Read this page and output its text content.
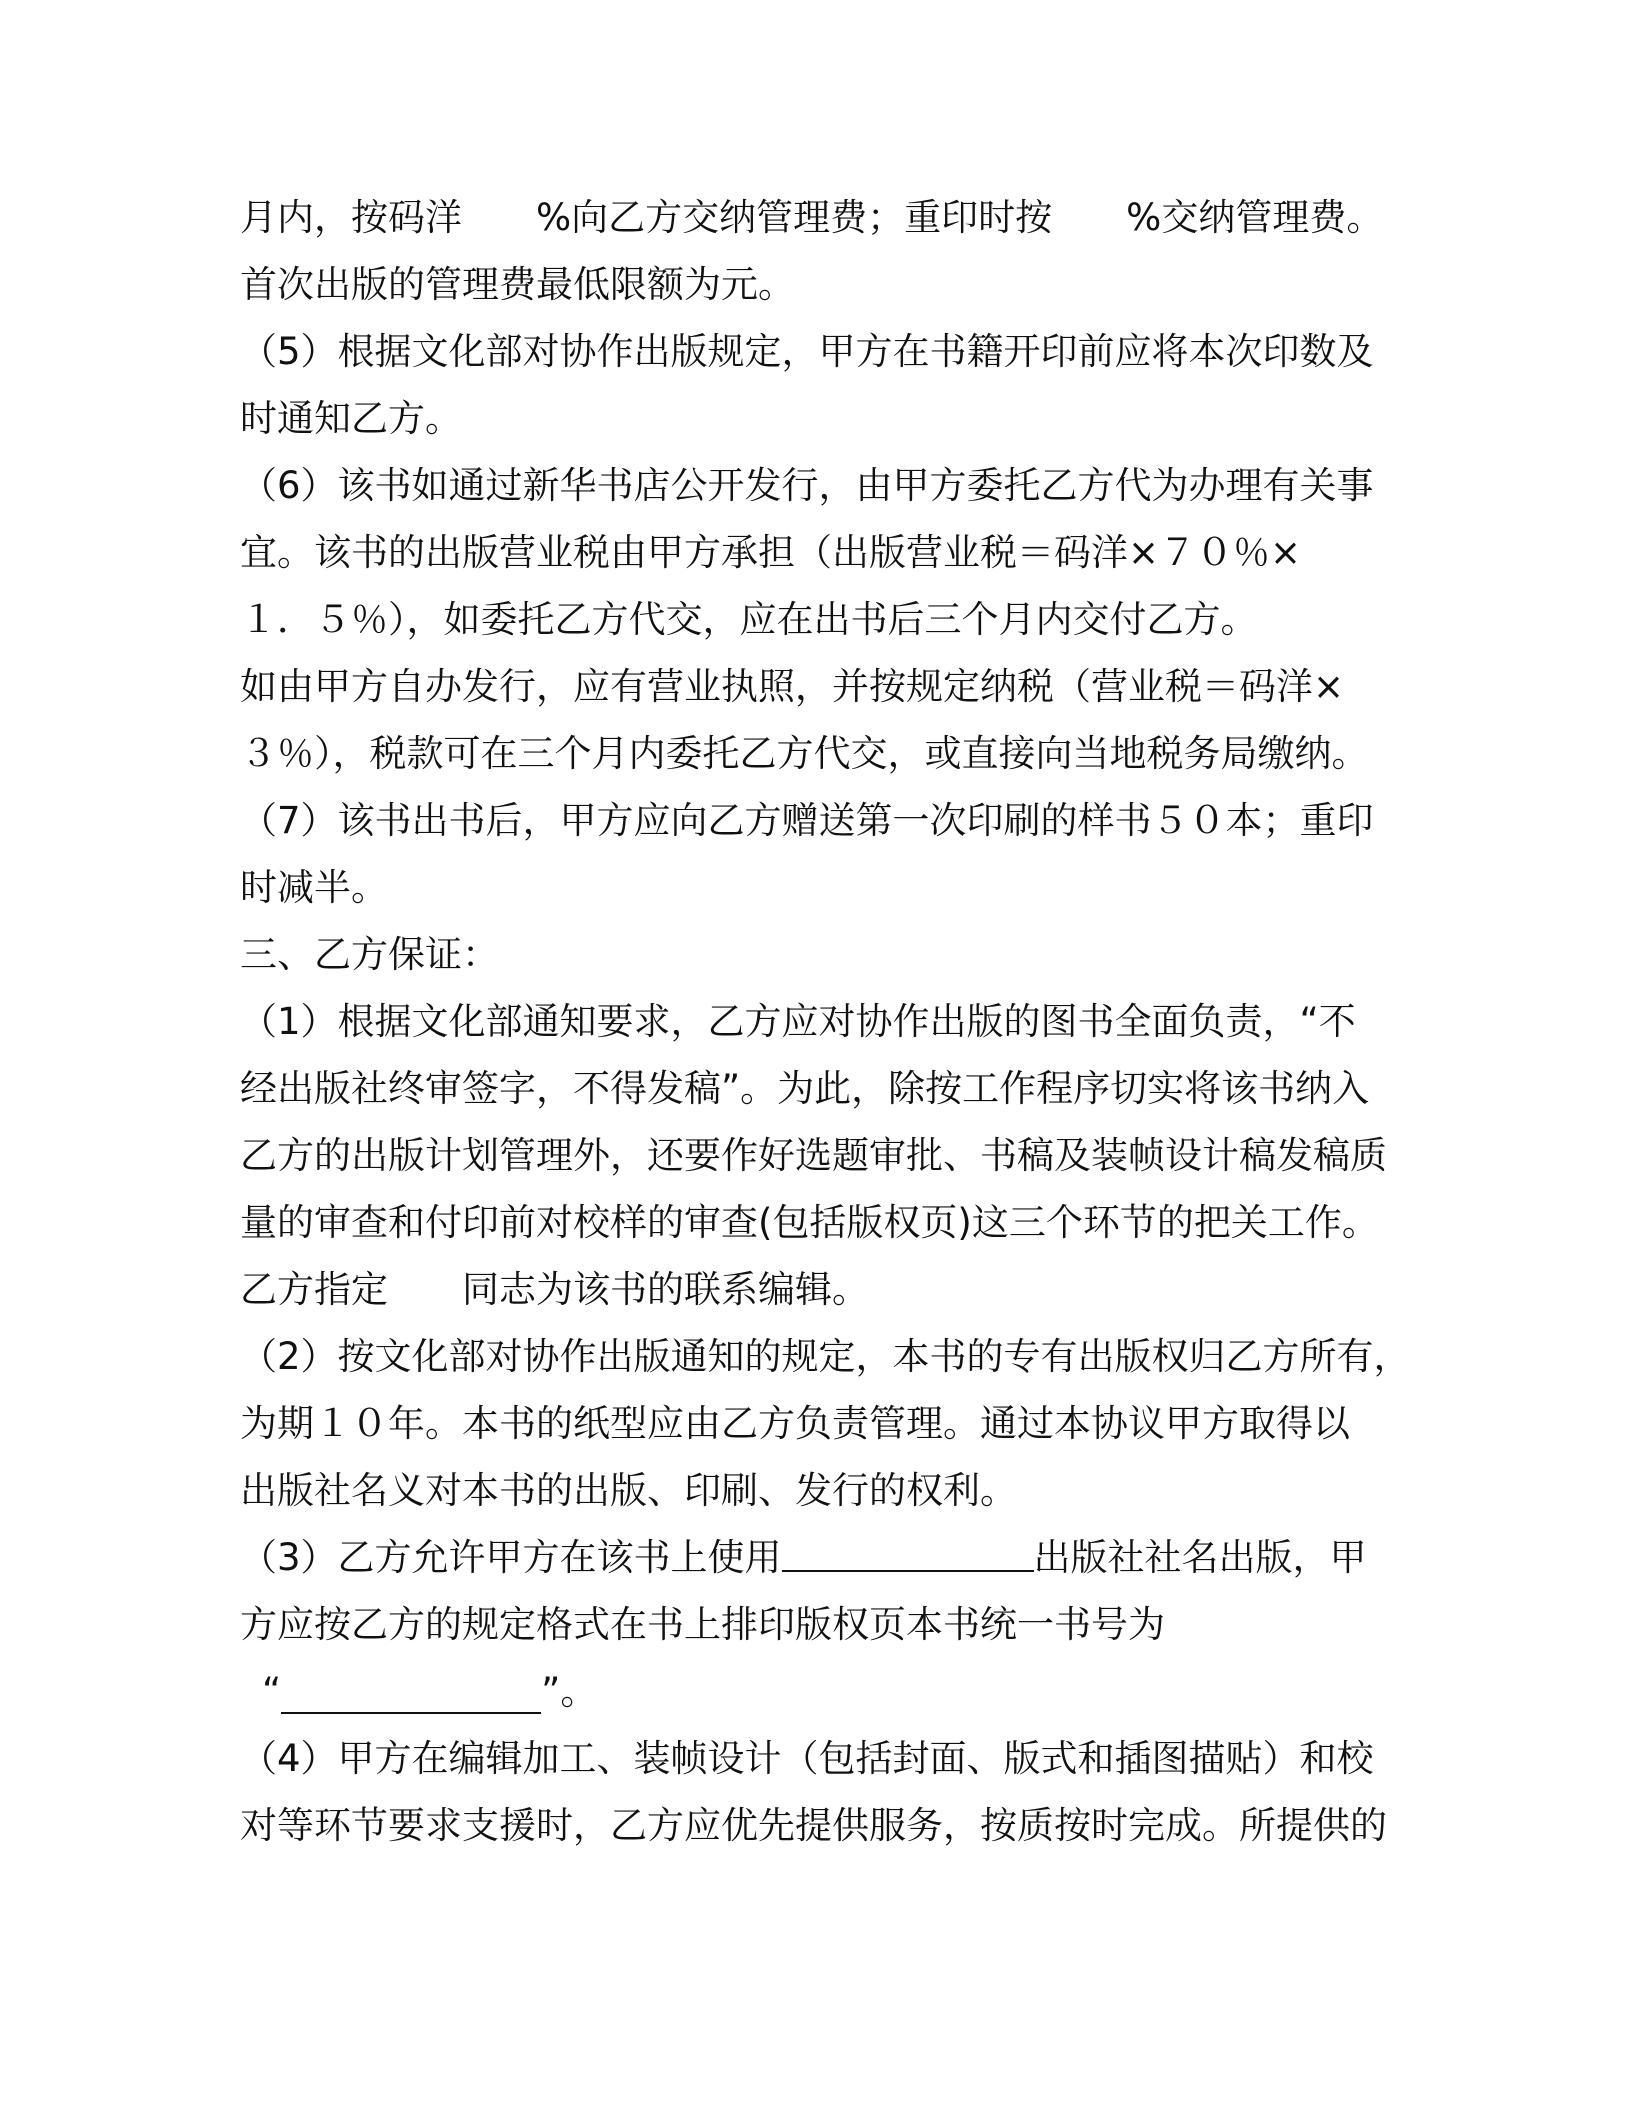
月内，按码洋 %向乙方交纳管理费；重印时按 %交纳管理费。
首次出版的管理费最低限额为元。
（5）根据文化部对协作出版规定，甲方在书籍开印前应将本次印数及
时通知乙方。
（6）该书如通过新华书店公开发行，由甲方委托乙方代为办理有关事
宜。该书的出版营业税由甲方承担（出版营业税＝码洋×７０％×
１．５％），如委托乙方代交，应在出书后三个月内交付乙方。
如由甲方自办发行，应有营业执照，并按规定纳税（营业税＝码洋×
３％），税款可在三个月内委托乙方代交，或直接向当地税务局缴纳。
（7）该书出书后，甲方应向乙方赠送第一次印刷的样书５０本；重印
时减半。
三、乙方保证：
（1）根据文化部通知要求，乙方应对协作出版的图书全面负责，“不
经出版社终审签字，不得发稿”。为此，除按工作程序切实将该书纳入
乙方的出版计划管理外，还要作好选题审批、书稿及装帧设计稿发稿质
量的审查和付印前对校样的审查(包括版权页)这三个环节的把关工作。
乙方指定 同志为该书的联系编辑。
（2）按文化部对协作出版通知的规定，本书的专有出版权归乙方所有，
为期１０年。本书的纸型应由乙方负责管理。通过本协议甲方取得以
出版社名义对本书的出版、印刷、发行的权利。
（3）乙方允许甲方在该书上使用	出版社社名出版，甲
方应按乙方的规定格式在书上排印版权页本书统一书号为
“	”。
（4）甲方在编辑加工、装帧设计（包括封面、版式和插图描贴）和校
对等环节要求支援时，乙方应优先提供服务，按质按时完成。所提供的
